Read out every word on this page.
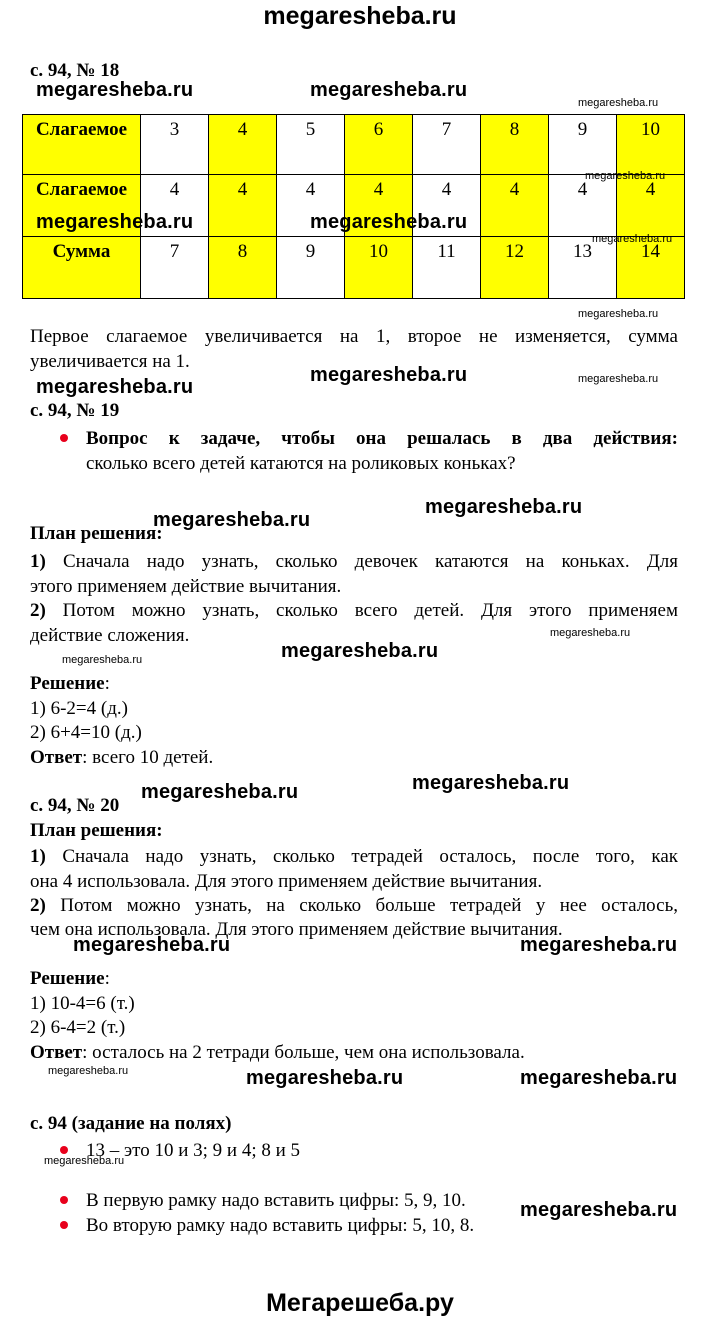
megaresheba.ru
с. 94, № 18
Слагаемое	3	4	5	6	7	8	9	10
Слагаемое	4	4	4	4	4	4	4	4
Сумма	7	8	9	10	11	12	13	14
Первое слагаемое увеличивается на 1, второе не изменяется, сумма
увеличивается на 1.
с. 94, № 19
Вопрос к задаче, чтобы она решалась в два действия:
сколько всего детей катаются на роликовых коньках?
План решения:
1) Сначала надо узнать, сколько девочек катаются на коньках. Для
этого применяем действие вычитания.
2) Потом можно узнать, сколько всего детей. Для этого применяем
действие сложения.
Решение:
1) 6-2=4 (д.)
2) 6+4=10 (д.)
Ответ: всего 10 детей.
с. 94, № 20
План решения:
1) Сначала надо узнать, сколько тетрадей осталось, после того, как
она 4 использовала. Для этого применяем действие вычитания.
2) Потом можно узнать, на сколько больше тетрадей у нее осталось,
чем она использовала. Для этого применяем действие вычитания.
Решение:
1) 10-4=6 (т.)
2) 6-4=2 (т.)
Ответ: осталось на 2 тетради больше, чем она использовала.
с. 94 (задание на полях)
13 – это 10 и 3; 9 и 4; 8 и 5
В первую рамку надо вставить цифры: 5, 9, 10.
Во вторую рамку надо вставить цифры: 5, 10, 8.
megaresheba.ru	megaresheba.ru
megaresheba.ru	megaresheba.ru
megaresheba.ru
megaresheba.ru
megaresheba.ru
megaresheba.ru
megaresheba.ru
megaresheba.ru
megaresheba.ru
megaresheba.ru	megaresheba.ru
megaresheba.ru	megaresheba.ru
megaresheba.ru
megaresheba.ru
megaresheba.ru
megaresheba.ru
megaresheba.ru
megaresheba.ru
megaresheba.ru
megaresheba.ru
megaresheba.ru
megaresheba.ru
Мегарешеба.ру
